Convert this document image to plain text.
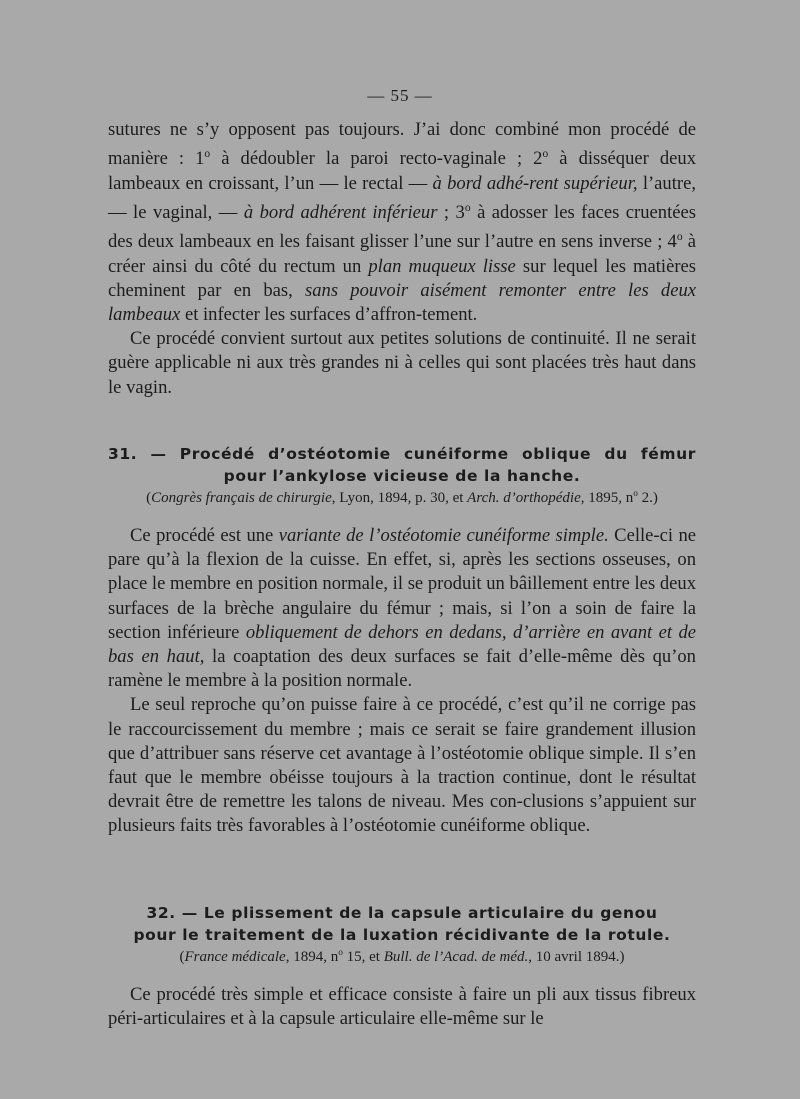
— 55 —

sutures ne s’y opposent pas toujours. J’ai donc combiné mon procédé de manière : 1$^o$ à dédoubler la paroi recto-vaginale ; 2$^o$ à disséquer deux lambeaux en croissant, l’un — le rectal — à bord adhé-rent supérieur, l’autre, — le vaginal, — à bord adhérent inférieur ; 3$^o$ à adosser les faces cruentées des deux lambeaux en les faisant glisser l’une sur l’autre en sens inverse ; 4$^o$ à créer ainsi du côté du rectum un plan muqueux lisse sur lequel les matières cheminent par en bas, sans pouvoir aisément remonter entre les deux lambeaux et infecter les surfaces d’affron-tement.

Ce procédé convient surtout aux petites solutions de continuité. Il ne serait guère applicable ni aux très grandes ni à celles qui sont placées très haut dans le vagin.

31. — Procédé d’ostéotomie cunéiforme oblique du fémur
pour l’ankylose vicieuse de la hanche.
(Congrès français de chirurgie, Lyon, 1894, p. 30, et Arch. d’orthopédie, 1895, $n^o$ 2.)

Ce procédé est une variante de l’ostéotomie cunéiforme simple. Celle-ci ne pare qu’à la flexion de la cuisse. En effet, si, après les sections osseuses, on place le membre en position normale, il se produit un bâillement entre les deux surfaces de la brèche angulaire du fémur ; mais, si l’on a soin de faire la section inférieure obliquement de dehors en dedans, d’arrière en avant et de bas en haut, la coaptation des deux surfaces se fait d’elle-même dès qu’on ramène le membre à la position normale.

Le seul reproche qu’on puisse faire à ce procédé, c’est qu’il ne corrige pas le raccourcissement du membre ; mais ce serait se faire grandement illusion que d’attribuer sans réserve cet avantage à l’ostéotomie oblique simple. Il s’en faut que le membre obéisse toujours à la traction continue, dont le résultat devrait être de remettre les talons de niveau. Mes con-clusions s’appuient sur plusieurs faits très favorables à l’ostéotomie cunéiforme oblique.

32. — Le plissement de la capsule articulaire du genou
pour le traitement de la luxation récidivante de la rotule.
(France médicale, 1894, $n^o$ 15, et Bull. de l’Acad. de méd., 10 avril 1894.)

Ce procédé très simple et efficace consiste à faire un pli aux tissus fibreux péri-articulaires et à la capsule articulaire elle-même sur le
